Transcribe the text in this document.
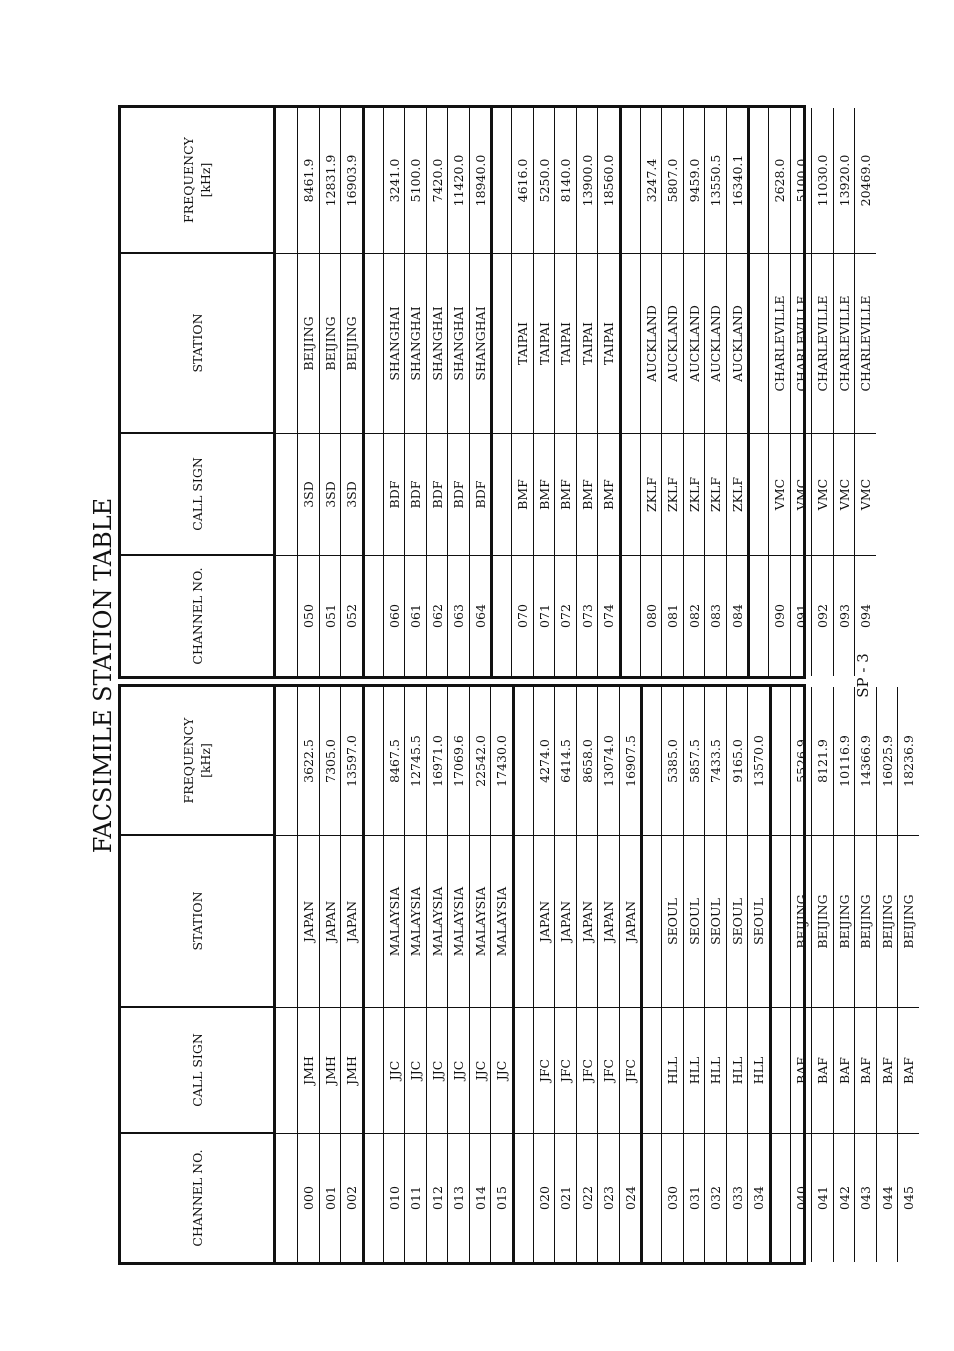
FACSIMILE STATION TABLE
CHANNEL NO.
CALL SIGN
STATION
FREQUENCY [kHz]
000
JMH
JAPAN
3622.5
001
JMH
JAPAN
7305.0
002
JMH
JAPAN
13597.0
010
JJC
MALAYSIA
8467.5
011
JJC
MALAYSIA
12745.5
012
JJC
MALAYSIA
16971.0
013
JJC
MALAYSIA
17069.6
014
JJC
MALAYSIA
22542.0
015
JJC
MALAYSIA
17430.0
020
JFC
JAPAN
4274.0
021
JFC
JAPAN
6414.5
022
JFC
JAPAN
8658.0
023
JFC
JAPAN
13074.0
024
JFC
JAPAN
16907.5
030
HLL
SEOUL
5385.0
031
HLL
SEOUL
5857.5
032
HLL
SEOUL
7433.5
033
HLL
SEOUL
9165.0
034
HLL
SEOUL
13570.0
040
BAF
BEIJING
5526.9
041
BAF
BEIJING
8121.9
042
BAF
BEIJING
10116.9
043
BAF
BEIJING
14366.9
044
BAF
BEIJING
16025.9
045
BAF
BEIJING
18236.9
CHANNEL NO.
CALL SIGN
STATION
FREQUENCY [kHz]
050
3SD
BEIJING
8461.9
051
3SD
BEIJING
12831.9
052
3SD
BEIJING
16903.9
060
BDF
SHANGHAI
3241.0
061
BDF
SHANGHAI
5100.0
062
BDF
SHANGHAI
7420.0
063
BDF
SHANGHAI
11420.0
064
BDF
SHANGHAI
18940.0
070
BMF
TAIPAI
4616.0
071
BMF
TAIPAI
5250.0
072
BMF
TAIPAI
8140.0
073
BMF
TAIPAI
13900.0
074
BMF
TAIPAI
18560.0
080
ZKLF
AUCKLAND
3247.4
081
ZKLF
AUCKLAND
5807.0
082
ZKLF
AUCKLAND
9459.0
083
ZKLF
AUCKLAND
13550.5
084
ZKLF
AUCKLAND
16340.1
090
VMC
CHARLEVILLE
2628.0
091
VMC
CHARLEVILLE
5100.0
092
VMC
CHARLEVILLE
11030.0
093
VMC
CHARLEVILLE
13920.0
094
VMC
CHARLEVILLE
20469.0
SP - 3
